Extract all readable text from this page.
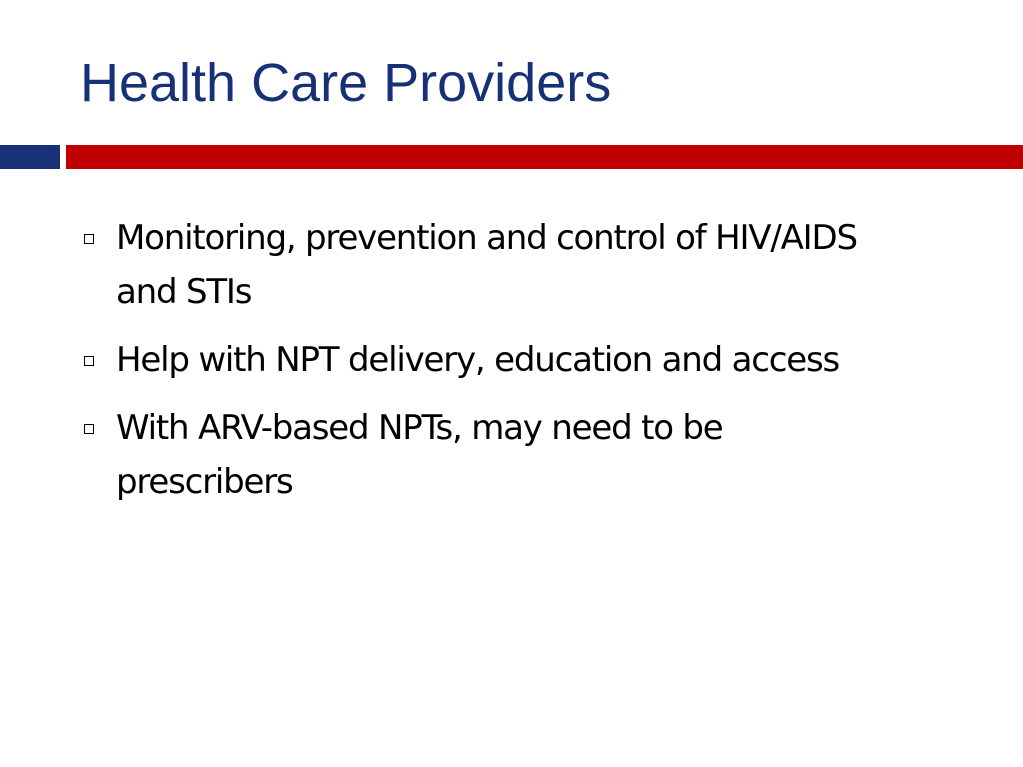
Health Care Providers
Monitoring, prevention and control of HIV/AIDS and STIs
Help with NPT delivery, education and access
With ARV-based NPTs, may need to be prescribers
